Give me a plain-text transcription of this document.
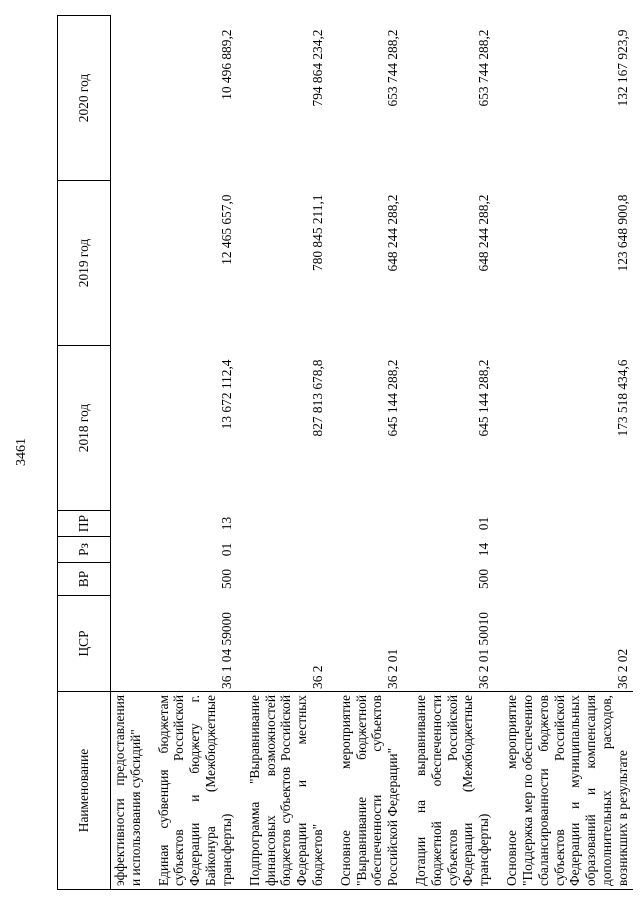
3461
Наименование	ЦСР	ВР	Рз	ПР	2018 год	2019 год	2020 год
эффективности предоставления и использования субсидий"							
Единая субвенция бюджетам субъектов Российской Федерации и бюджету г. Байконура (Межбюджетные трансферты)	36 1 04 59000	500	01	13	13 672 112,4	12 465 657,0	10 496 889,2
Подпрограмма "Выравнивание финансовых возможностей бюджетов субъектов Российской Федерации и местных бюджетов"	36 2				827 813 678,8	780 845 211,1	794 864 234,2
Основное мероприятие "Выравнивание бюджетной обеспеченности субъектов Российской Федерации"	36 2 01				645 144 288,2	648 244 288,2	653 744 288,2
Дотации на выравнивание бюджетной обеспеченности субъектов Российской Федерации (Межбюджетные трансферты)	36 2 01 50010	500	14	01	645 144 288,2	648 244 288,2	653 744 288,2
Основное мероприятие "Поддержка мер по обеспечению сбалансированности бюджетов субъектов Российской Федерации и муниципальных образований и компенсация дополнительных расходов, возникших в результате	36 2 02				173 518 434,6	123 648 900,8	132 167 923,9
